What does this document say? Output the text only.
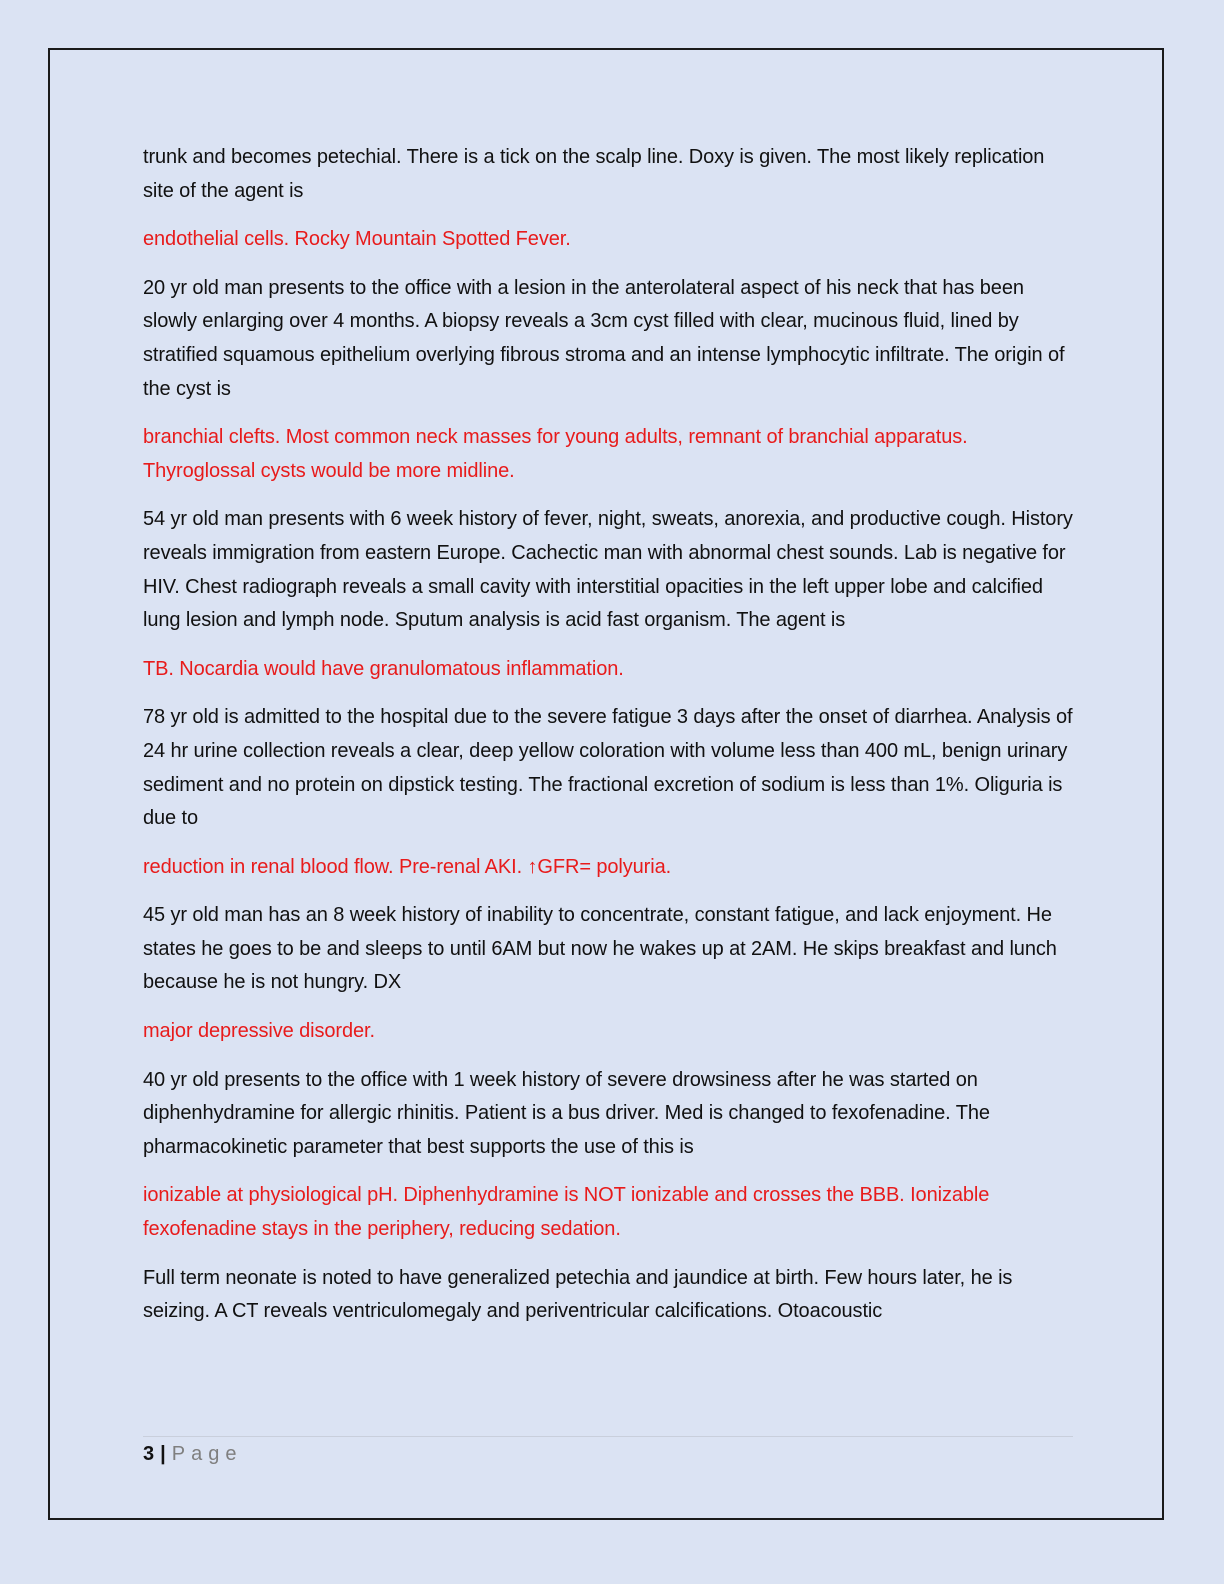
trunk and becomes petechial. There is a tick on the scalp line. Doxy is given. The most likely replication site of the agent is

endothelial cells. Rocky Mountain Spotted Fever.

20 yr old man presents to the office with a lesion in the anterolateral aspect of his neck that has been slowly enlarging over 4 months. A biopsy reveals a 3cm cyst filled with clear, mucinous fluid, lined by stratified squamous epithelium overlying fibrous stroma and an intense lymphocytic infiltrate. The origin of the cyst is

branchial clefts. Most common neck masses for young adults, remnant of branchial apparatus. Thyroglossal cysts would be more midline.

54 yr old man presents with 6 week history of fever, night, sweats, anorexia, and productive cough. History reveals immigration from eastern Europe. Cachectic man with abnormal chest sounds. Lab is negative for HIV. Chest radiograph reveals a small cavity with interstitial opacities in the left upper lobe and calcified lung lesion and lymph node. Sputum analysis is acid fast organism. The agent is

TB. Nocardia would have granulomatous inflammation.

78 yr old is admitted to the hospital due to the severe fatigue 3 days after the onset of diarrhea. Analysis of 24 hr urine collection reveals a clear, deep yellow coloration with volume less than 400 mL, benign urinary sediment and no protein on dipstick testing. The fractional excretion of sodium is less than 1%. Oliguria is due to

reduction in renal blood flow. Pre-renal AKI. ↑GFR= polyuria.

45 yr old man has an 8 week history of inability to concentrate, constant fatigue, and lack enjoyment. He states he goes to be and sleeps to until 6AM but now he wakes up at 2AM. He skips breakfast and lunch because he is not hungry. DX

major depressive disorder.

40 yr old presents to the office with 1 week history of severe drowsiness after he was started on diphenhydramine for allergic rhinitis. Patient is a bus driver. Med is changed to fexofenadine. The pharmacokinetic parameter that best supports the use of this is

ionizable at physiological pH. Diphenhydramine is NOT ionizable and crosses the BBB. Ionizable fexofenadine stays in the periphery, reducing sedation.

Full term neonate is noted to have generalized petechia and jaundice at birth. Few hours later, he is seizing. A CT reveals ventriculomegaly and periventricular calcifications. Otoacoustic

3 | Page
